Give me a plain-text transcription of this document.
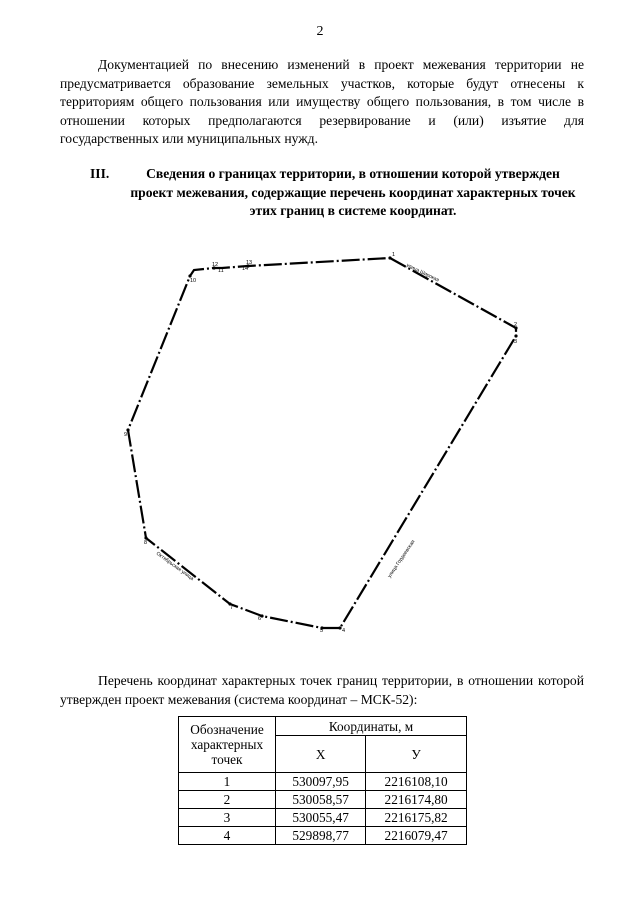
2

Документацией по внесению изменений в проект межевания территории не предусматривается образование земельных участков, которые будут отнесены к территориям общего пользования или имуществу общего пользования, в том числе в отношении которых предполагаются резервирование и (или) изъятие для государственных или муниципальных нужд.

III.	Сведения о границах территории, в отношении которой утвержден проект межевания, содержащие перечень координат характерных точек этих границ в системе координат.
1
2
3
4
5
6
7
8
9
10
11
12	13
14	улица Широкая
улица Гордеевская
Октябрьская улица

Перечень координат характерных точек границ территории, в отношении которой утвержден проект межевания (система координат – МСК-52):

Обозначение характерных точек	Координаты, м	
	X	У
1	530097,95	2216108,10
2	530058,57	2216174,80
3	530055,47	2216175,82
4	529898,77	2216079,47
